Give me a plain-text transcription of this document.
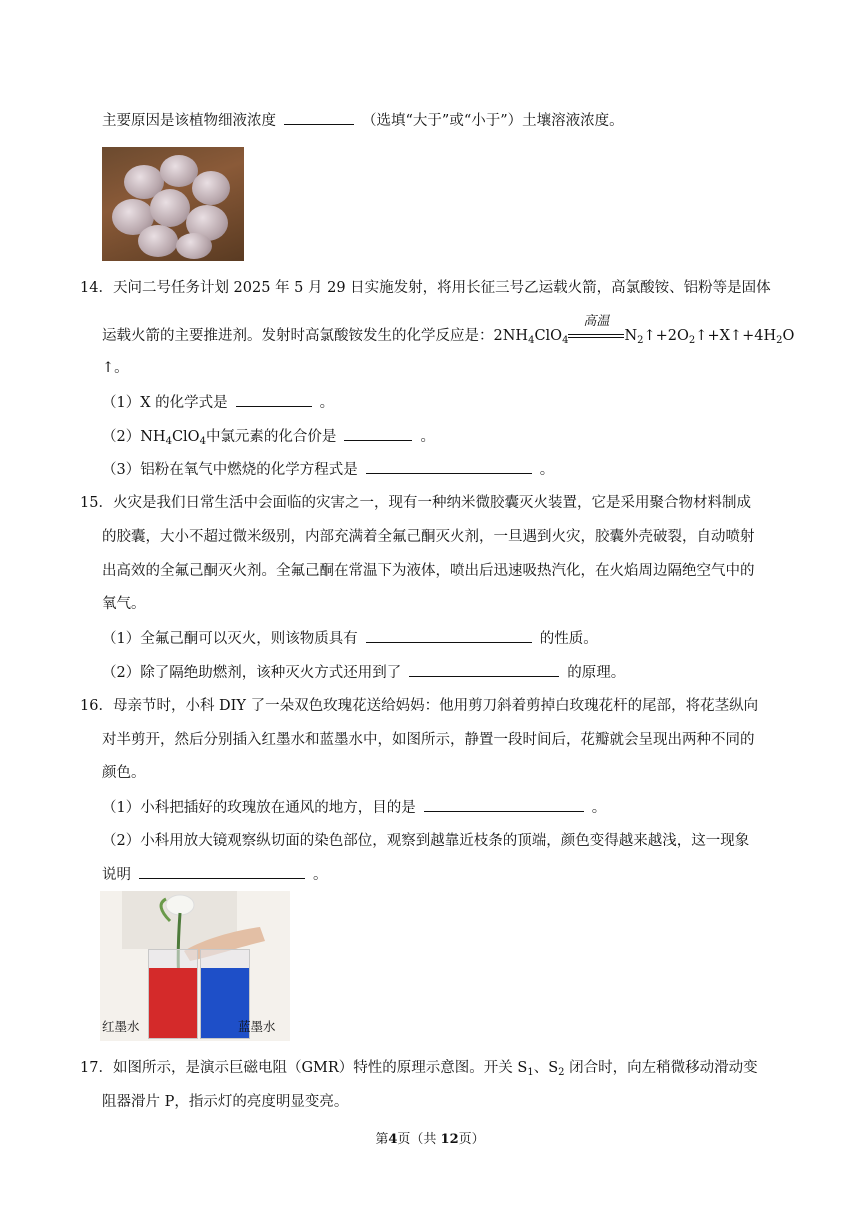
主要原因是该植物细液浓度	（选填“大于”或“小于”）土壤溶液浓度。
14．天问二号任务计划 2025 年 5 月 29 日实施发射，将用长征三号乙运载火箭，高氯酸铵、铝粉等是固体
运载火箭的主要推进剂。发射时高氯酸铵发生的化学反应是：$2NH_4ClO_4$
高温
$N_2↑+2O_2↑+X↑+4H_2O$
↑。
（1）X 的化学式是	。
$(2)NH_4ClO_4$中氯元素的化合价是	。
（3）铝粉在氧气中燃烧的化学方程式是	。
15．火灾是我们日常生活中会面临的灾害之一，现有一种纳米微胶囊灭火装置，它是采用聚合物材料制成
的胶囊，大小不超过微米级别，内部充满着全氟己酮灭火剂，一旦遇到火灾，胶囊外壳破裂，自动喷射
出高效的全氟己酮灭火剂。全氟己酮在常温下为液体，喷出后迅速吸热汽化，在火焰周边隔绝空气中的
氧气。
（1）全氟己酮可以灭火，则该物质具有	的性质。
（2）除了隔绝助燃剂，该种灭火方式还用到了	的原理。
16．母亲节时，小科 DIY 了一朵双色玫瑰花送给妈妈：他用剪刀斜着剪掉白玫瑰花杆的尾部，将花茎纵向
对半剪开，然后分别插入红墨水和蓝墨水中，如图所示，静置一段时间后，花瓣就会呈现出两种不同的
颜色。
（1）小科把插好的玫瑰放在通风的地方，目的是	。
（2）小科用放大镜观察纵切面的染色部位，观察到越靠近枝条的顶端，颜色变得越来越浅，这一现象
说明	。
红墨水	蓝墨水
17．如图所示，是演示巨磁电阻（GMR）特性的原理示意图。开关 $S_1$、$S_2$ 闭合时，向左稍微移动滑动变
阻器滑片 P，指示灯的亮度明显变亮。
第4页（共 12页）
